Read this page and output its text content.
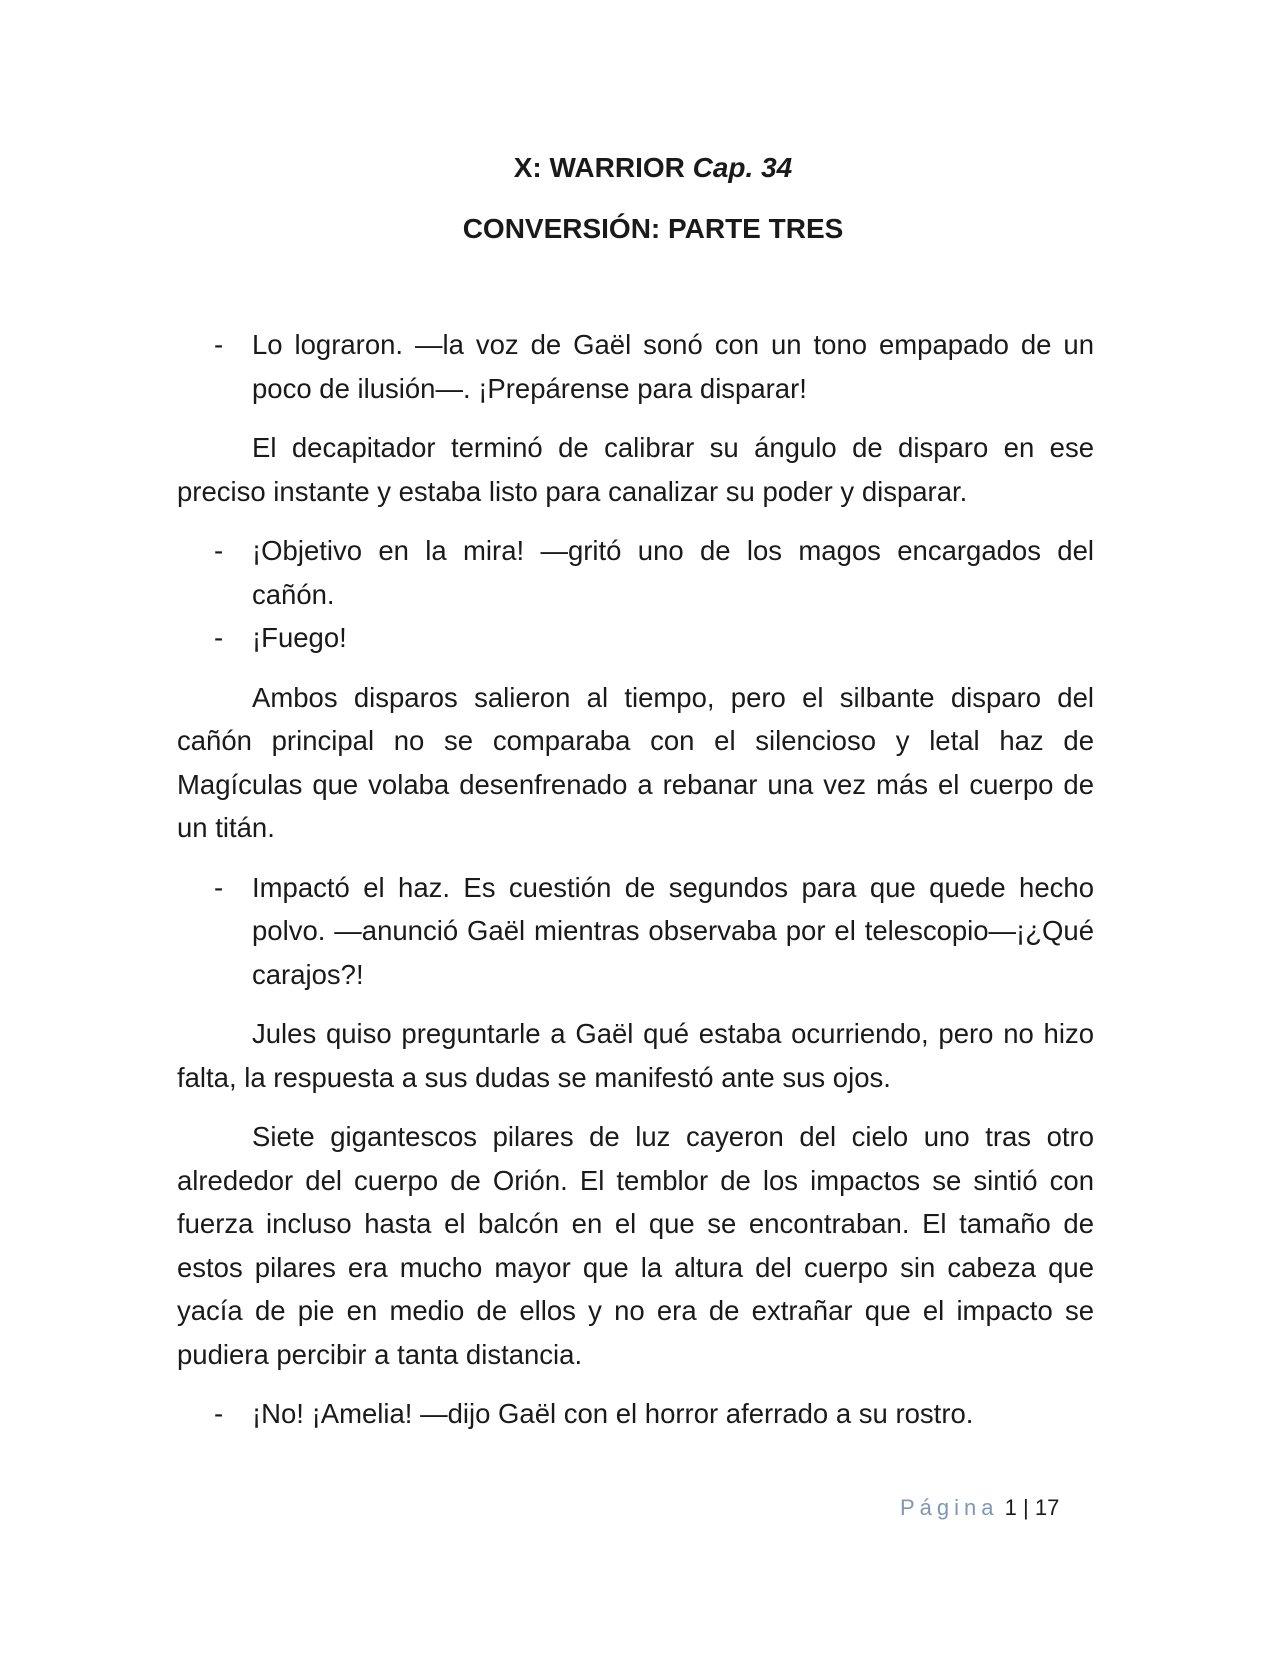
X: WARRIOR Cap. 34
CONVERSIÓN: PARTE TRES

- Lo lograron. —la voz de Gaël sonó con un tono empapado de un poco de ilusión—. ¡Prepárense para disparar!

El decapitador terminó de calibrar su ángulo de disparo en ese preciso instante y estaba listo para canalizar su poder y disparar.

- ¡Objetivo en la mira! —gritó uno de los magos encargados del cañón.

- ¡Fuego!

Ambos disparos salieron al tiempo, pero el silbante disparo del cañón principal no se comparaba con el silencioso y letal haz de Magículas que volaba desenfrenado a rebanar una vez más el cuerpo de un titán.

- Impactó el haz. Es cuestión de segundos para que quede hecho polvo. —anunció Gaël mientras observaba por el telescopio—¡¿Qué carajos?!

Jules quiso preguntarle a Gaël qué estaba ocurriendo, pero no hizo falta, la respuesta a sus dudas se manifestó ante sus ojos.

Siete gigantescos pilares de luz cayeron del cielo uno tras otro alrededor del cuerpo de Orión. El temblor de los impactos se sintió con fuerza incluso hasta el balcón en el que se encontraban. El tamaño de estos pilares era mucho mayor que la altura del cuerpo sin cabeza que yacía de pie en medio de ellos y no era de extrañar que el impacto se pudiera percibir a tanta distancia.

- ¡No! ¡Amelia! —dijo Gaël con el horror aferrado a su rostro.

Página 1 | 17
